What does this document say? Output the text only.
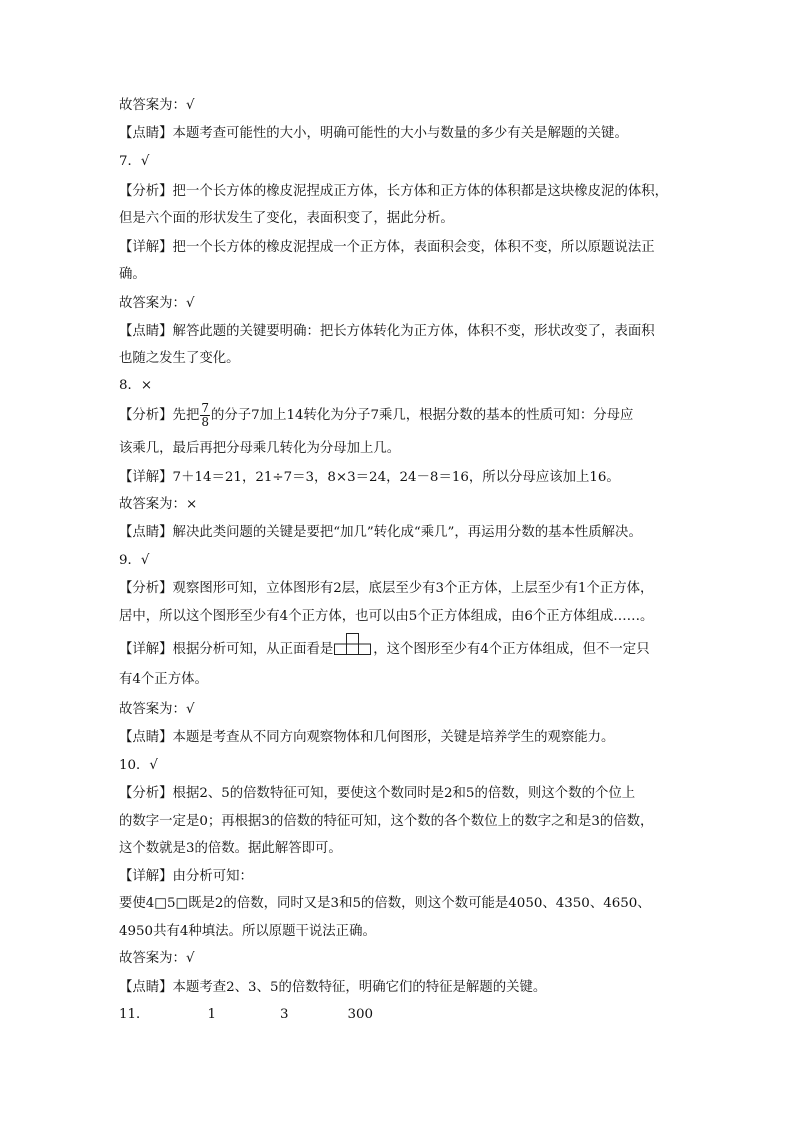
故答案为：√
【点睛】本题考查可能性的大小，明确可能性的大小与数量的多少有关是解题的关键。
7．√
【分析】把一个长方体的橡皮泥捏成正方体，长方体和正方体的体积都是这块橡皮泥的体积，
但是六个面的形状发生了变化，表面积变了，据此分析。
【详解】把一个长方体的橡皮泥捏成一个正方体，表面积会变，体积不变，所以原题说法正
确。
故答案为：√
【点睛】解答此题的关键要明确：把长方体转化为正方体，体积不变，形状改变了，表面积
也随之发生了变化。
8．×
【分析】先把 $\frac{7}{8}$ 的分子7加上14转化为分子7乘几，根据分数的基本的性质可知：分母应
该乘几，最后再把分母乘几转化为分母加上几。
【详解】7＋14＝21，21÷7＝3，8×3＝24，24－8＝16，所以分母应该加上16。
故答案为：×
【点睛】解决此类问题的关键是要把“加几”转化成“乘几”，再运用分数的基本性质解决。
9．√
【分析】观察图形可知，立体图形有2层，底层至少有3个正方体，上层至少有1个正方体，
居中，所以这个图形至少有4个正方体，也可以由5个正方体组成，由6个正方体组成……。
【详解】根据分析可知，从正面看是	，这个图形至少有4个正方体组成，但不一定只
有4个正方体。
故答案为：√
【点睛】本题是考查从不同方向观察物体和几何图形，关键是培养学生的观察能力。
10．√
【分析】根据2、5的倍数特征可知，要使这个数同时是2和5的倍数，则这个数的个位上
的数字一定是0；再根据3的倍数的特征可知，这个数的各个数位上的数字之和是3的倍数，
这个数就是3的倍数。据此解答即可。
【详解】由分析可知：
要使4□5□既是2的倍数，同时又是3和5的倍数，则这个数可能是4050、4350、4650、
4950共有4种填法。所以原题干说法正确。
故答案为：√
【点睛】本题考查2、3、5的倍数特征，明确它们的特征是解题的关键。
11．	1	3	300
